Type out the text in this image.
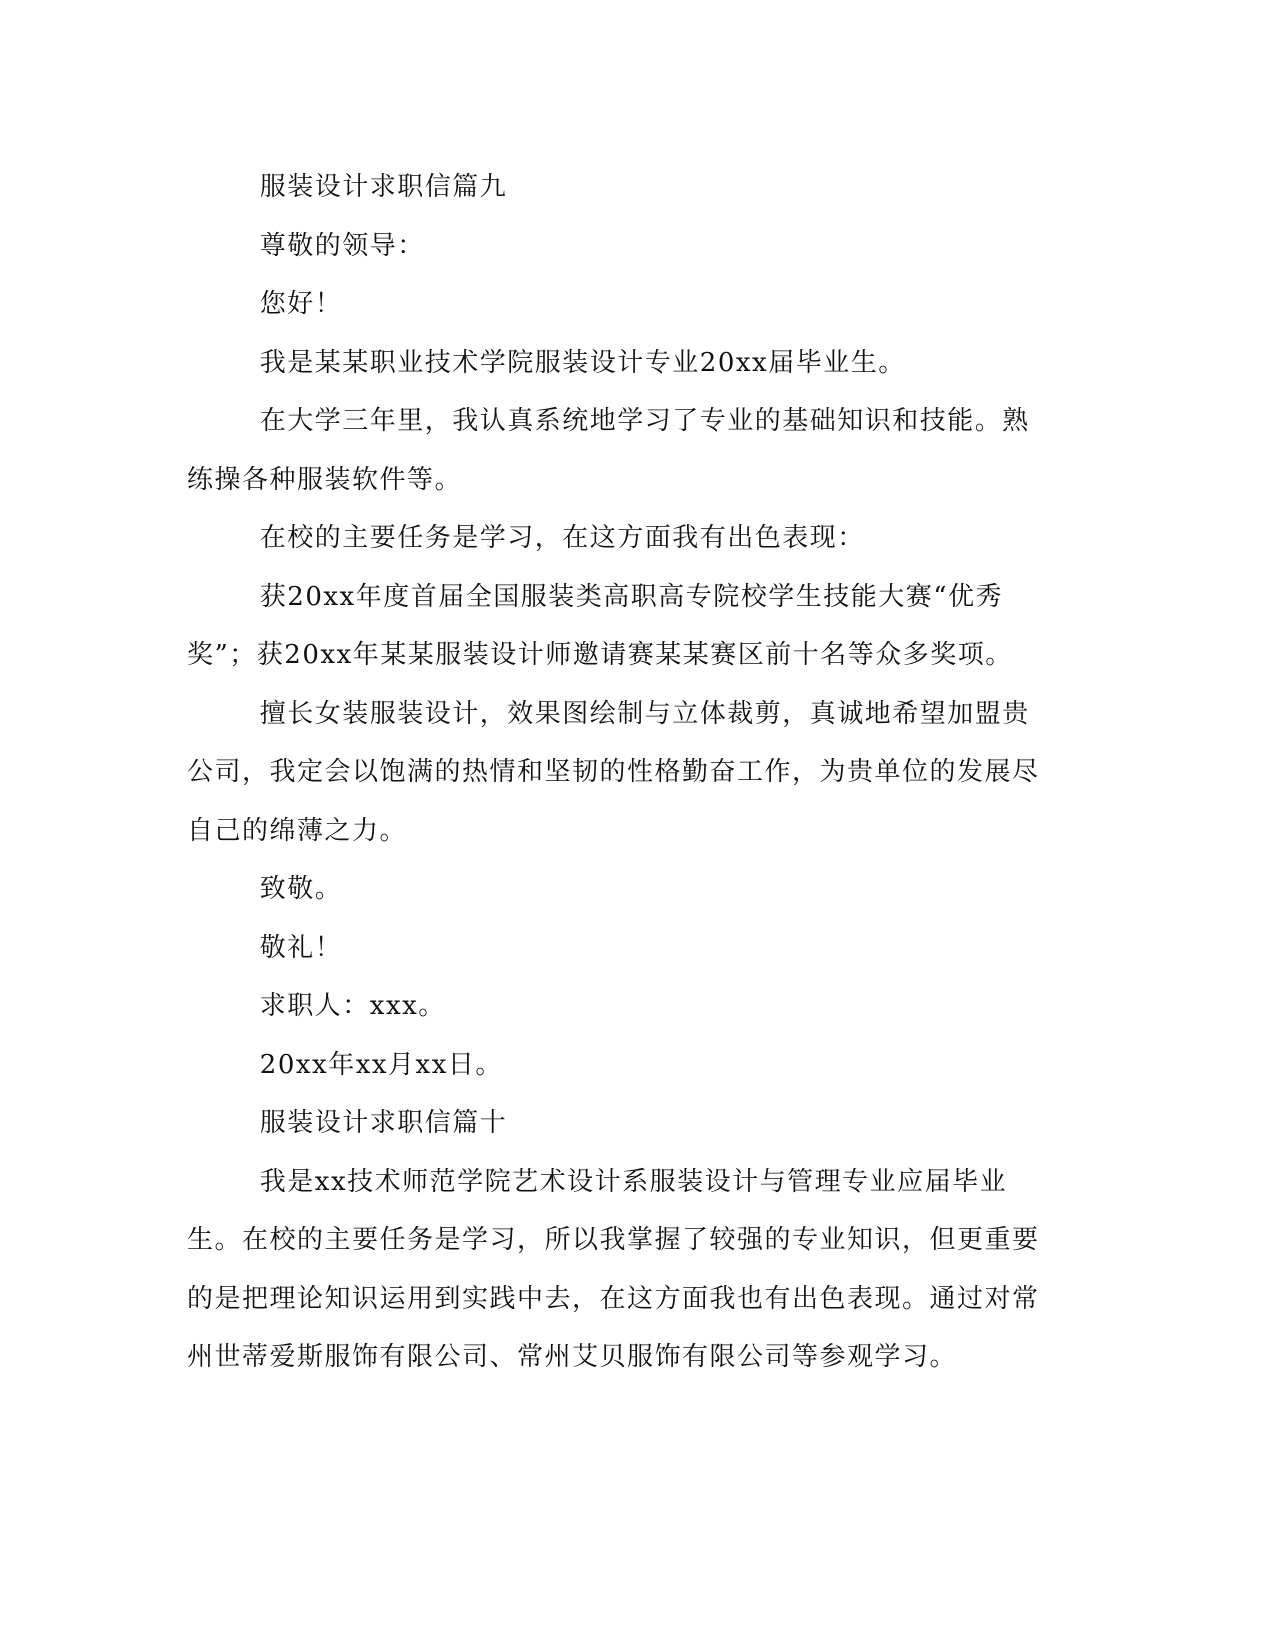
服装设计求职信篇九

尊敬的领导：

您好！

我是某某职业技术学院服装设计专业20xx届毕业生。

在大学三年里，我认真系统地学习了专业的基础知识和技能。熟练操各种服装软件等。

在校的主要任务是学习，在这方面我有出色表现：

获20xx年度首届全国服装类高职高专院校学生技能大赛“优秀奖”；获20xx年某某服装设计师邀请赛某某赛区前十名等众多奖项。

擅长女装服装设计，效果图绘制与立体裁剪，真诚地希望加盟贵公司，我定会以饱满的热情和坚韧的性格勤奋工作，为贵单位的发展尽自己的绵薄之力。

致敬。

敬礼！

求职人：xxx。

20xx年xx月xx日。

服装设计求职信篇十

我是xx技术师范学院艺术设计系服装设计与管理专业应届毕业生。在校的主要任务是学习，所以我掌握了较强的专业知识，但更重要的是把理论知识运用到实践中去，在这方面我也有出色表现。通过对常州世蒂爱斯服饰有限公司、常州艾贝服饰有限公司等参观学习。
